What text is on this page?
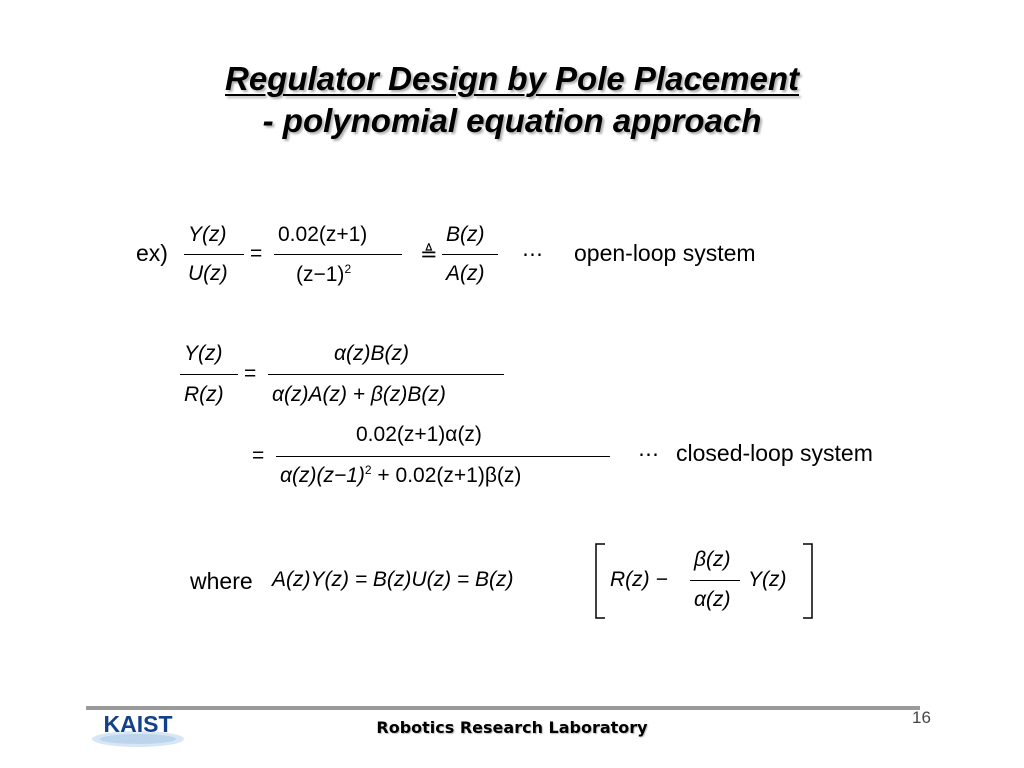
Regulator Design by Pole Placement
- polynomial equation approach
ex)
Y(z)
U(z)
=
0.02(z+1)
$(z-1)^2$
≜
B(z)
A(z)
⋯ open-loop system
Y(z)
R(z)
=
α(z)B(z)
α(z)A(z) + β(z)B(z)
=
0.02(z+1)α(z)
$\alpha(z)(z-1)^2 + 0.02(z+1)\beta(z)$
⋯ closed-loop system
where A(z)Y(z) = B(z)U(z) = B(z)	R(z) −
β(z)
α(z)
Y(z)
KAIST	Robotics Research Laboratory
16
